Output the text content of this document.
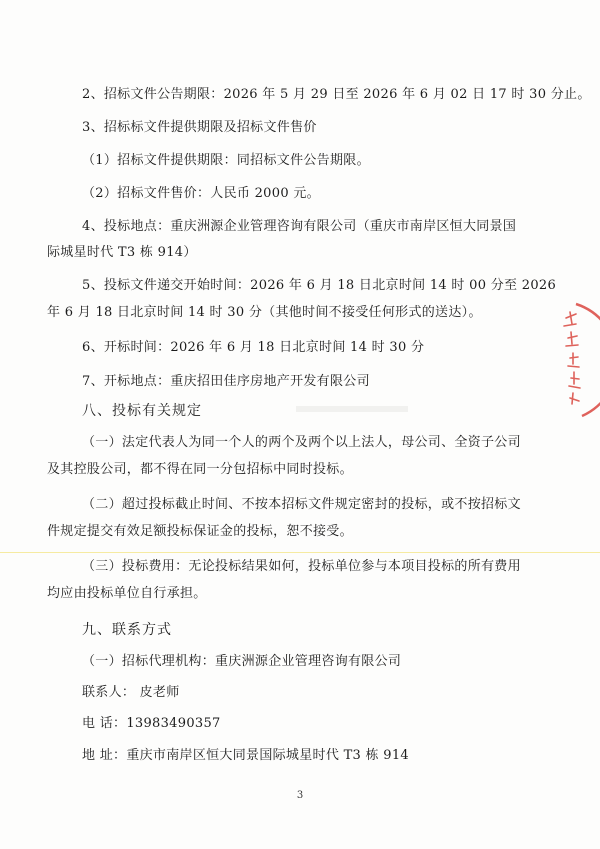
2、招标文件公告期限：2026 年 5 月 29 日至 2026 年 6 月 02 日 17 时 30 分止。
3、招标标文件提供期限及招标文件售价
（1）招标文件提供期限：同招标文件公告期限。
（2）招标文件售价：人民币 2000 元。
4、投标地点：重庆洲源企业管理咨询有限公司（重庆市南岸区恒大同景国
际城星时代 T3 栋 914）
5、投标文件递交开始时间：2026 年 6 月 18 日北京时间 14 时 00 分至 2026
年 6 月 18 日北京时间 14 时 30 分（其他时间不接受任何形式的送达）。
6、开标时间：2026 年 6 月 18 日北京时间 14 时 30 分
7、开标地点：重庆招田佳序房地产开发有限公司
八、投标有关规定
（一）法定代表人为同一个人的两个及两个以上法人，母公司、全资子公司
及其控股公司，都不得在同一分包招标中同时投标。
（二）超过投标截止时间、不按本招标文件规定密封的投标，或不按招标文
件规定提交有效足额投标保证金的投标，恕不接受。
（三）投标费用：无论投标结果如何，投标单位参与本项目投标的所有费用
均应由投标单位自行承担。
九、联系方式
（一）招标代理机构：重庆洲源企业管理咨询有限公司
联系人： 皮老师
电 话：13983490357
地 址：重庆市南岸区恒大同景国际城星时代 T3 栋 914
3
